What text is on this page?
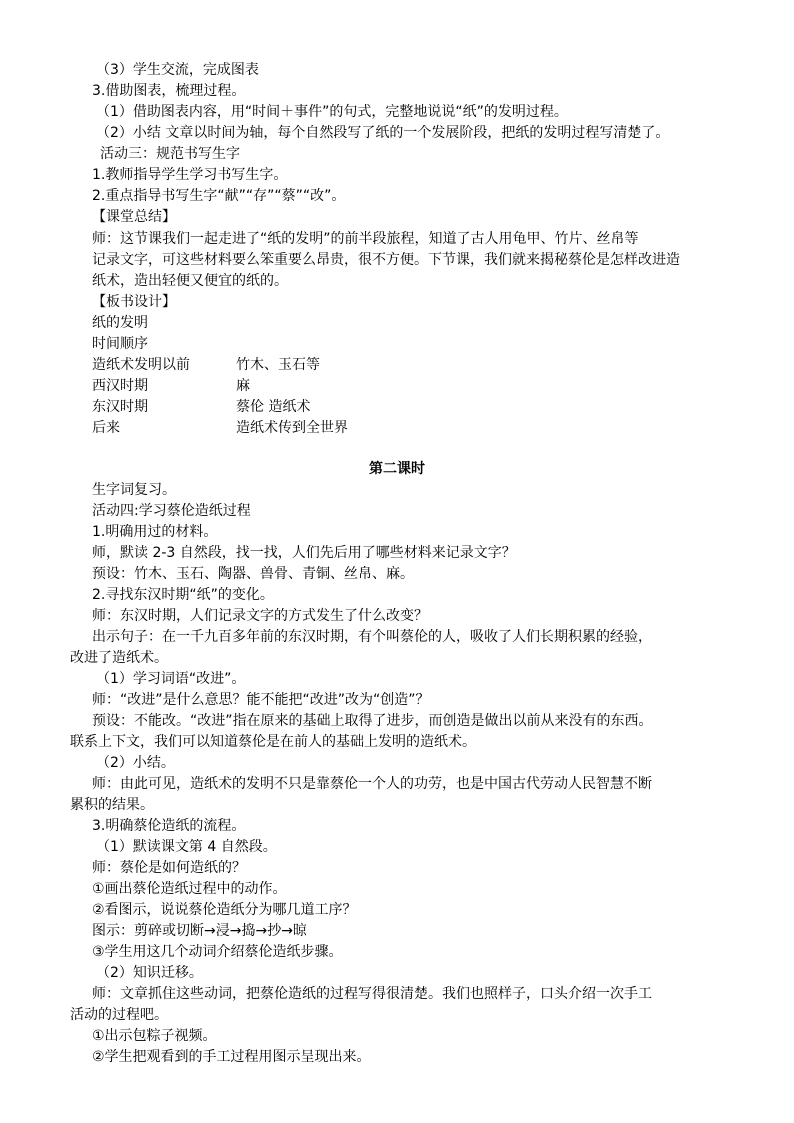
（3）学生交流，完成图表
3.借助图表，梳理过程。
（1）借助图表内容，用“时间＋事件”的句式，完整地说说“纸”的发明过程。
（2）小结 文章以时间为轴，每个自然段写了纸的一个发展阶段，把纸的发明过程写清楚了。
活动三：规范书写生字
1.教师指导学生学习书写生字。
2.重点指导书写生字“献”“存”“蔡”“改”。
【课堂总结】
师：这节课我们一起走进了“纸的发明”的前半段旅程，知道了古人用龟甲、竹片、丝帛等
记录文字，可这些材料要么笨重要么昂贵，很不方便。下节课，我们就来揭秘蔡伦是怎样改进造
纸术，造出轻便又便宜的纸的。
【板书设计】
纸的发明
时间顺序
造纸术发明以前	竹木、玉石等
西汉时期	麻
东汉时期	蔡伦 造纸术
后来	造纸术传到全世界
第二课时
生字词复习。
活动四:学习蔡伦造纸过程
1.明确用过的材料。
师，默读 2-3 自然段，找一找，人们先后用了哪些材料来记录文字？
预设：竹木、玉石、陶器、兽骨、青铜、丝帛、麻。
2.寻找东汉时期“纸”的变化。
师：东汉时期，人们记录文字的方式发生了什么改变？
出示句子：在一千九百多年前的东汉时期，有个叫蔡伦的人，吸收了人们长期积累的经验，
改进了造纸术。
（1）学习词语“改进”。
师：“改进”是什么意思？能不能把“改进”改为“创造”？
预设：不能改。“改进”指在原来的基础上取得了进步，而创造是做出以前从来没有的东西。
联系上下文，我们可以知道蔡伦是在前人的基础上发明的造纸术。
（2）小结。
师：由此可见，造纸术的发明不只是靠蔡伦一个人的功劳，也是中国古代劳动人民智慧不断
累积的结果。
3.明确蔡伦造纸的流程。
（1）默读课文第 4 自然段。
师：蔡伦是如何造纸的？
①画出蔡伦造纸过程中的动作。
②看图示，说说蔡伦造纸分为哪几道工序？
图示：剪碎或切断→浸→捣→抄→晾
③学生用这几个动词介绍蔡伦造纸步骤。
（2）知识迁移。
师：文章抓住这些动词，把蔡伦造纸的过程写得很清楚。我们也照样子，口头介绍一次手工
活动的过程吧。
①出示包粽子视频。
②学生把观看到的手工过程用图示呈现出来。
